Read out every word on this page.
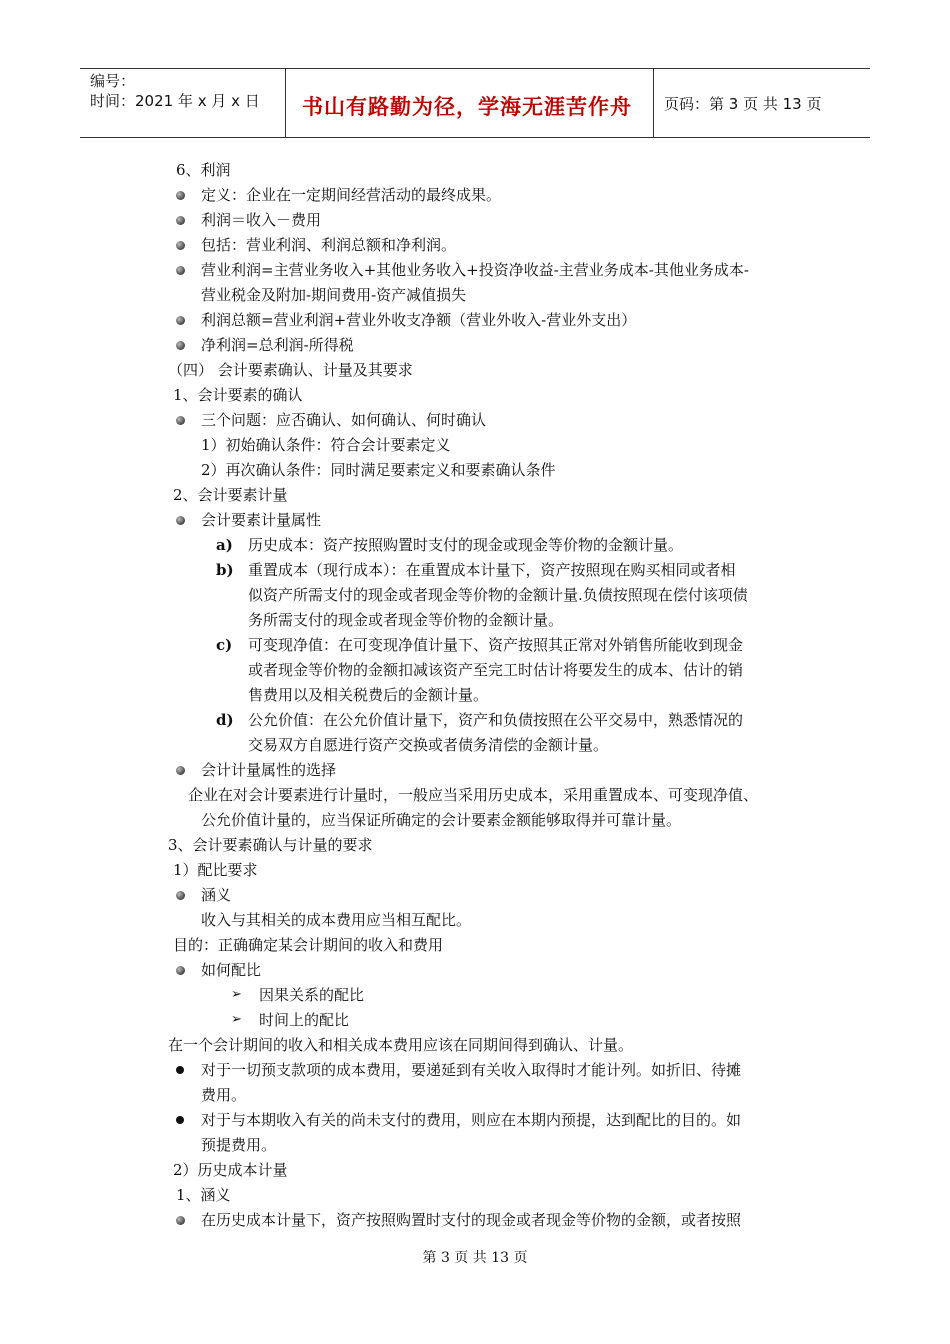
编号：
时间：2021 年 x 月 x 日	书山有路勤为径，学海无涯苦作舟	页码：第 3 页 共 13 页
6、利润
定义：企业在一定期间经营活动的最终成果。
利润＝收入－费用
包括：营业利润、利润总额和净利润。
营业利润=主营业务收入+其他业务收入+投资净收益-主营业务成本-其他业务成本-
营业税金及附加-期间费用-资产减值损失
利润总额=营业利润+营业外收支净额（营业外收入-营业外支出）
净利润=总利润-所得税
（四） 会计要素确认、计量及其要求
1、会计要素的确认
三个问题：应否确认、如何确认、何时确认
1）初始确认条件：符合会计要素定义
2）再次确认条件：同时满足要素定义和要素确认条件
2、会计要素计量
会计要素计量属性
a) 历史成本：资产按照购置时支付的现金或现金等价物的金额计量。
b) 重置成本（现行成本）：在重置成本计量下，资产按照现在购买相同或者相
似资产所需支付的现金或者现金等价物的金额计量.负债按照现在偿付该项债
务所需支付的现金或者现金等价物的金额计量。
c) 可变现净值：在可变现净值计量下、资产按照其正常对外销售所能收到现金
或者现金等价物的金额扣减该资产至完工时估计将要发生的成本、估计的销
售费用以及相关税费后的金额计量。
d) 公允价值：在公允价值计量下，资产和负债按照在公平交易中，熟悉情况的
交易双方自愿进行资产交换或者债务清偿的金额计量。
会计计量属性的选择
企业在对会计要素进行计量时，一般应当采用历史成本，采用重置成本、可变现净值、
公允价值计量的，应当保证所确定的会计要素金额能够取得并可靠计量。
3、会计要素确认与计量的要求
1）配比要求
涵义
收入与其相关的成本费用应当相互配比。
目的：正确确定某会计期间的收入和费用
如何配比
➢ 因果关系的配比
➢ 时间上的配比
在一个会计期间的收入和相关成本费用应该在同期间得到确认、计量。
对于一切预支款项的成本费用，要递延到有关收入取得时才能计列。如折旧、待摊
费用。
对于与本期收入有关的尚未支付的费用，则应在本期内预提，达到配比的目的。如
预提费用。
2）历史成本计量
1、涵义
在历史成本计量下，资产按照购置时支付的现金或者现金等价物的金额，或者按照
第 3 页 共 13 页
